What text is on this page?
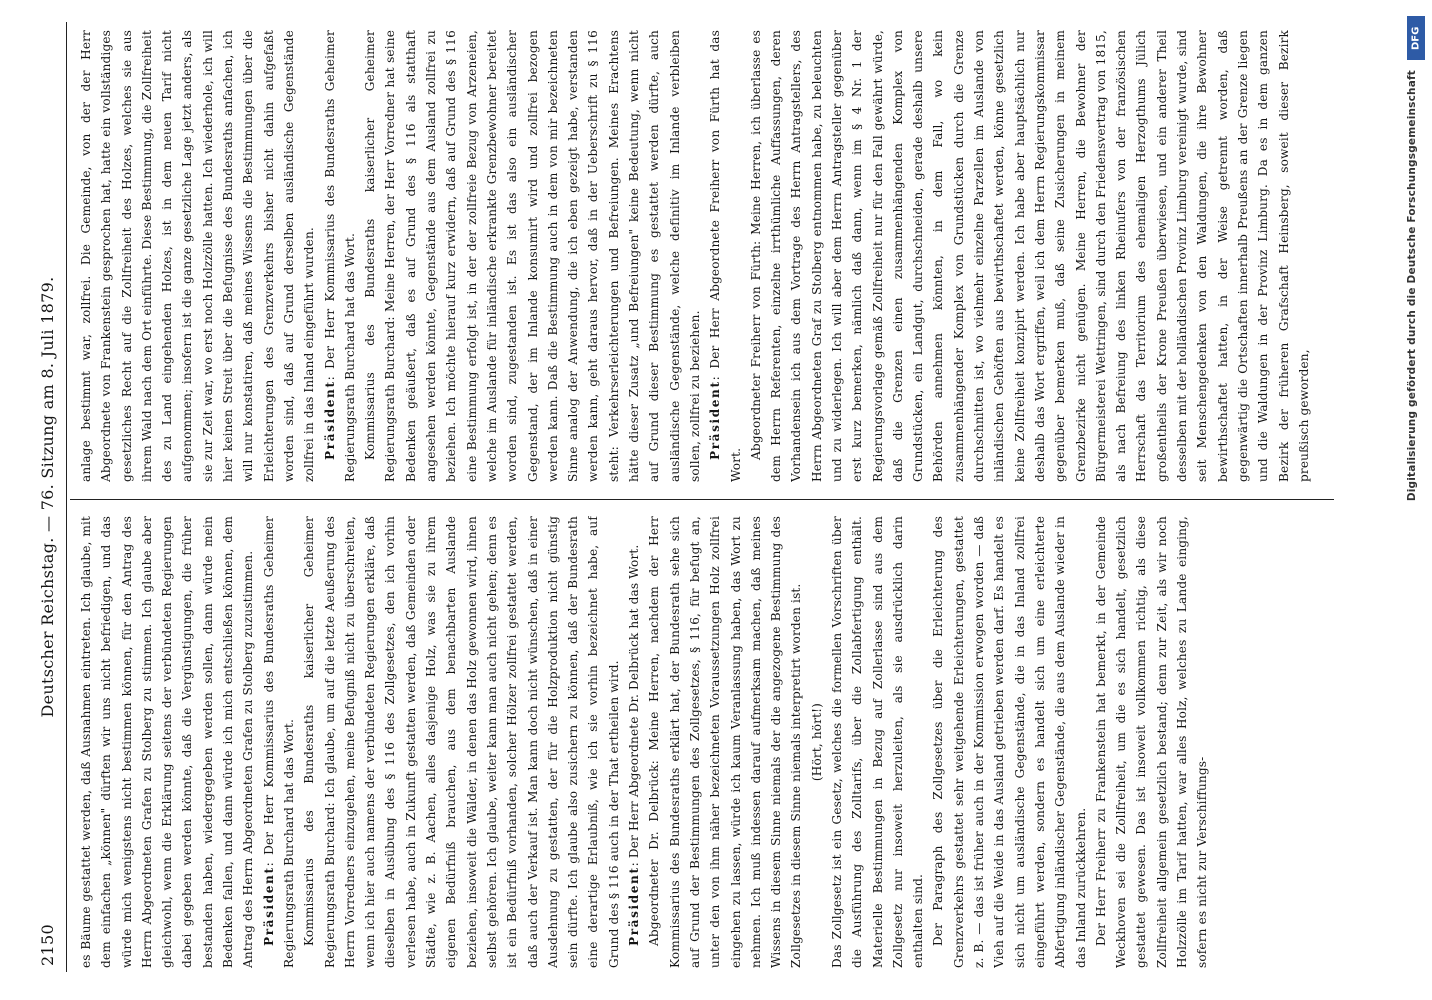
2150
Deutscher Reichstag. — 76. Sitzung am 8. Juli 1879.

es Bäume gestattet werden, daß Ausnahmen eintreten. Ich glaube, mit dem einfachen „können" dürften wir uns nicht befriedigen, und das würde mich wenigstens nicht bestimmen können, für den Antrag des Herrn Abgeordneten Grafen zu Stolberg zu stimmen. Ich glaube aber gleichwohl, wenn die Erklärung seitens der verbündeten Regierungen dabei gegeben werden könnte, daß die Vergünstigungen, die früher bestanden haben, wiedergegeben werden sollen, dann würde mein Bedenken fallen, und dann würde ich mich entschließen können, dem Antrag des Herrn Abgeordneten Grafen zu Stolberg zuzustimmen. Präsident: Der Herr Kommissarius des Bundesraths Geheimer Regierungsrath Burchard hat das Wort. Kommissarius des Bundesraths kaiserlicher Geheimer Regierungsrath Burchard: Ich glaube, um auf die letzte Aeußerung des Herrn Vorredners einzugehen, meine Befugniß nicht zu überschreiten, wenn ich hier auch namens der verbündeten Regierungen erkläre, daß dieselben in Ausübung des § 116 des Zollgesetzes, den ich vorhin verlesen habe, auch in Zukunft gestatten werden, daß Gemeinden oder Städte, wie z. B. Aachen, alles dasjenige Holz, was sie zu ihrem eigenen Bedürfniß brauchen, aus dem benachbarten Auslande beziehen, insoweit die Wälder, in denen das Holz gewonnen wird, ihnen selbst gehören. Ich glaube, weiter kann man auch nicht gehen; denn es ist ein Bedürfniß vorhanden, solcher Hölzer zollfrei gestattet werden, daß auch der Verkauf ist. Man kann doch nicht wünschen, daß in einer Ausdehnung zu gestatten, der für die Holzproduktion nicht günstig sein dürfte. Ich glaube also zusichern zu können, daß der Bundesrath eine derartige Erlaubniß, wie ich sie vorhin bezeichnet habe, auf Grund des § 116 auch in der That ertheilen wird. Präsident: Der Herr Abgeordnete Dr. Delbrück hat das Wort. Abgeordneter Dr. Delbrück: Meine Herren, nachdem der Herr Kommissarius des Bundesraths erklärt hat, der Bundesrath sehe sich auf Grund der Bestimmungen des Zollgesetzes, § 116, für befugt an, unter den von ihm näher bezeichneten Voraussetzungen Holz zollfrei eingehen zu lassen, würde ich kaum Veranlassung haben, das Wort zu nehmen. Ich muß indessen darauf aufmerksam machen, daß meines Wissens in diesem Sinne niemals der die angezogene Bestimmung des Zollgesetzes in diesem Sinne niemals interpretirt worden ist. (Hört, hört!) Das Zollgesetz ist ein Gesetz, welches die formellen Vorschriften über die Ausführung des Zolltarifs, über die Zollabfertigung enthält. Materielle Bestimmungen in Bezug auf Zollerlasse sind aus dem Zollgesetz nur insoweit herzuleiten, als sie ausdrücklich darin enthalten sind. Der Paragraph des Zollgesetzes über die Erleichterung des Grenzverkehrs gestattet sehr weitgehende Erleichterungen, gestattet z. B. — das ist früher auch in der Kommission erwogen worden — daß Vieh auf die Weide in das Ausland getrieben werden darf. Es handelt es sich nicht um ausländische Gegenstände, die in das Inland zollfrei eingeführt werden, sondern es handelt sich um eine erleichterte Abfertigung inländischer Gegenstände, die aus dem Auslande wieder in das Inland zurückkehren. Der Herr Freiherr zu Frankenstein hat bemerkt, in der Gemeinde Weckhoven sei die Zollfreiheit, um die es sich handelt, gesetzlich gestattet gewesen. Das ist insoweit vollkommen richtig, als diese Zollfreiheit allgemein gesetzlich bestand; denn zur Zeit, als wir noch Holzzölle im Tarif hatten, war alles Holz, welches zu Lande einging, sofern es nicht zur Verschiffungs-

anlage bestimmt war, zollfrei. Die Gemeinde, von der der Herr Abgeordnete von Frankenstein gesprochen hat, hatte ein vollständiges gesetzliches Recht auf die Zollfreiheit des Holzes, welches sie aus ihrem Wald nach dem Ort einführte. Diese Bestimmung, die Zollfreiheit des zu Land eingehenden Holzes, ist in dem neuen Tarif nicht aufgenommen; insofern ist die ganze gesetzliche Lage jetzt anders, als sie zur Zeit war, wo erst noch Holzzölle hatten. Ich wiederhole, ich will hier keinen Streit über die Befugnisse des Bundesraths anfachen, ich will nur konstatiren, daß meines Wissens die Bestimmungen über die Erleichterungen des Grenzverkehrs bisher nicht dahin aufgefaßt worden sind, daß auf Grund derselben ausländische Gegenstände zollfrei in das Inland eingeführt wurden. Präsident: Der Herr Kommissarius des Bundesraths Geheimer Regierungsrath Burchard hat das Wort. Kommissarius des Bundesraths kaiserlicher Geheimer Regierungsrath Burchard: Meine Herren, der Herr Vorredner hat seine Bedenken geäußert, daß es auf Grund des § 116 als statthaft angesehen werden könnte, Gegenstände aus dem Ausland zollfrei zu beziehen. Ich möchte hierauf kurz erwidern, daß auf Grund des § 116 eine Bestimmung erfolgt ist, in der der zollfreie Bezug von Arzeneien, welche im Auslande für inländische erkrankte Grenzbewohner bereitet worden sind, zugestanden ist. Es ist das also ein ausländischer Gegenstand, der im Inlande konsumirt wird und zollfrei bezogen werden kann. Daß die Bestimmung auch in dem von mir bezeichneten Sinne analog der Anwendung, die ich eben gezeigt habe, verstanden werden kann, geht daraus hervor, daß in der Ueberschrift zu § 116 steht: Verkehrserleichterungen und Befreiungen. Meines Erachtens hätte dieser Zusatz „und Befreiungen" keine Bedeutung, wenn nicht auf Grund dieser Bestimmung es gestattet werden dürfte, auch ausländische Gegenstände, welche definitiv im Inlande verbleiben sollen, zollfrei zu beziehen. Präsident: Der Herr Abgeordnete Freiherr von Fürth hat das Wort.

Abgeordneter Freiherr von Fürth: Meine Herren, ich überlasse es dem Herrn Referenten, einzelne irrthümliche Auffassungen, deren Vorhandensein ich aus dem Vortrage des Herrn Antragstellers, des Herrn Abgeordneten Graf zu Stolberg entnommen habe, zu beleuchten und zu widerlegen. Ich will aber dem Herrn Antragsteller gegenüber erst kurz bemerken, nämlich daß dann, wenn im § 4 Nr. 1 der Regierungsvorlage gemäß Zollfreiheit nur für den Fall gewährt würde, daß die Grenzen einen zusammenhängenden Komplex von Grundstücken, ein Landgut, durchschneiden, gerade deshalb unsere Behörden annehmen könnten, in dem Fall, wo kein zusammenhängender Komplex von Grundstücken durch die Grenze durchschnitten ist, wo vielmehr einzelne Parzellen im Auslande von inländischen Gehöften aus bewirthschaftet werden, könne gesetzlich keine Zollfreiheit konzipirt werden. Ich habe aber hauptsächlich nur deshalb das Wort ergriffen, weil ich dem Herrn Regierungskommissar gegenüber bemerken muß, daß seine Zusicherungen in meinem Grenzbezirke nicht genügen. Meine Herren, die Bewohner der Bürgermeisterei Wettringen, sind durch den Friedensvertrag von 1815, als nach Befreiung des linken Rheinufers von der französischen Herrschaft das Territorium des ehemaligen Herzogthums Jülich großentheils der Krone Preußen überwiesen, und ein anderer Theil desselben mit der holländischen Provinz Limburg vereinigt wurde, sind seit Menschengedenken von den Waldungen, die ihre Bewohner bewirthschaftet hatten, in der Weise getrennt worden, daß gegenwärtig die Ortschaften innerhalb Preußens an der Grenze liegen und die Waldungen in der Provinz Limburg. Da es in dem ganzen Bezirk der früheren Grafschaft Heinsberg, soweit dieser Bezirk preußisch geworden,

DFG
Digitalisierung gefördert durch die Deutsche Forschungsgemeinschaft
